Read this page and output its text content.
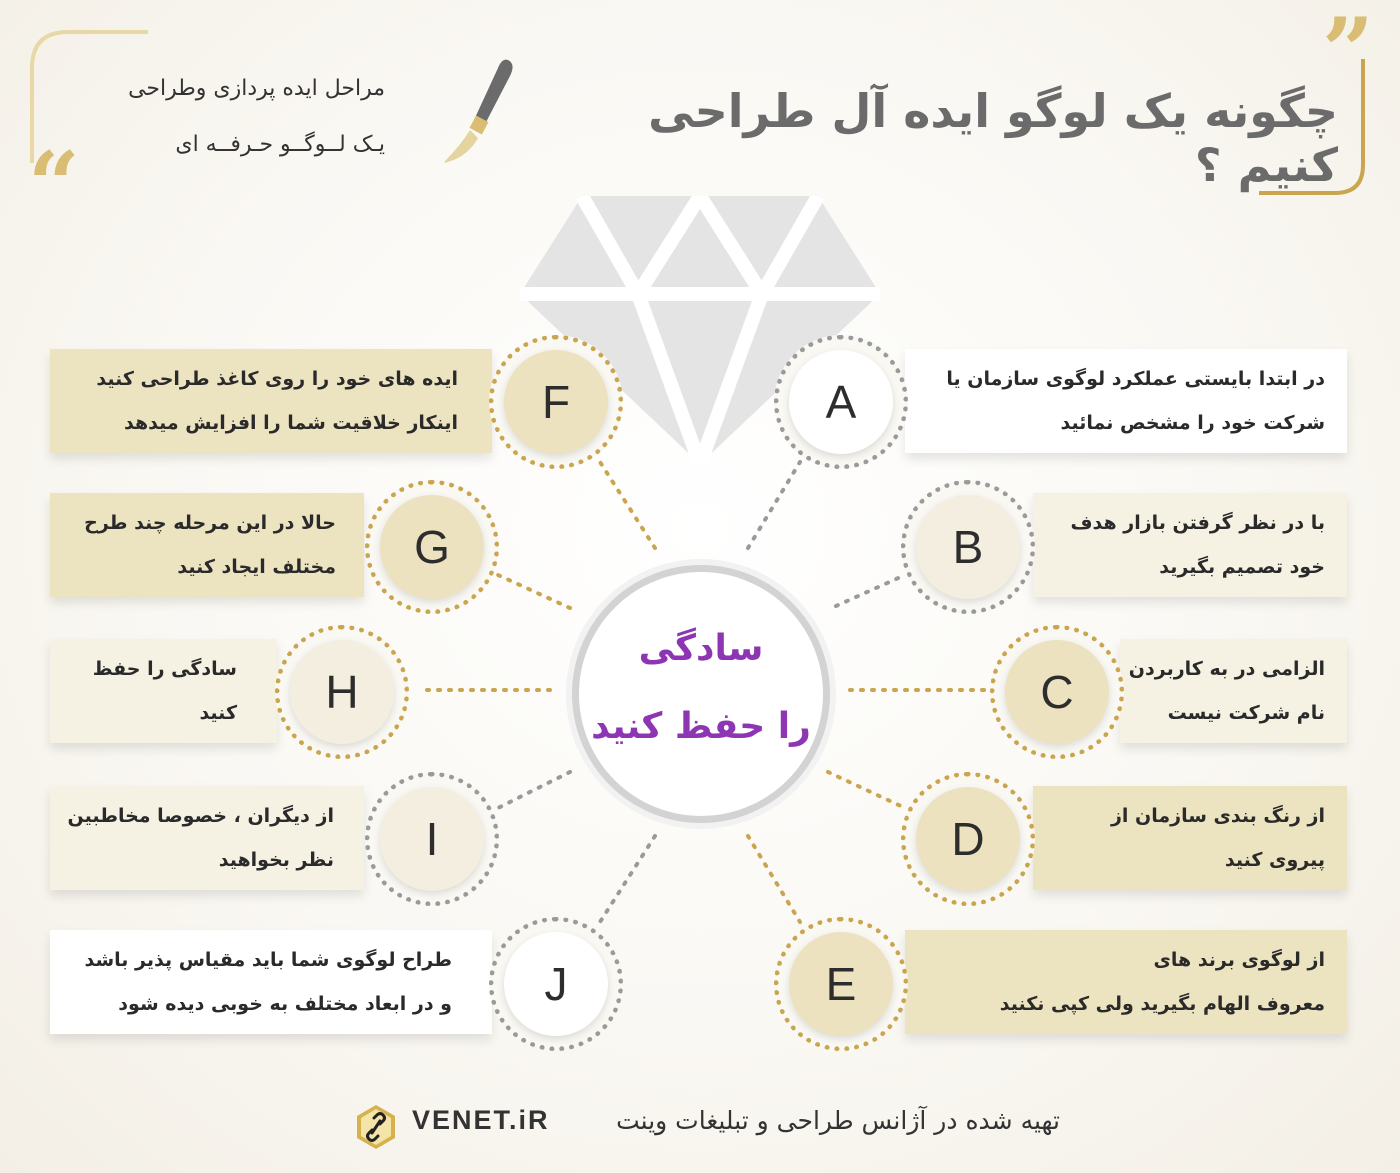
”
“
چگونه یک لوگو ایده آل طراحی کنیم ؟
مراحل ایده پردازی وطراحی
یـک لــوگــو حـرفــه ای
سادگی
را حفظ کنید
در ابتدا بایستی عملکرد لوگوی سازمان یا
شرکت خود را مشخص نمائید
A
با در نظر گرفتن بازار هدف
خود تصمیم بگیرید
B
الزامی در به کاربردن
نام شرکت نیست
C
از رنگ بندی سازمان از
پیروی کنید
D
از لوگوی برند های
معروف الهام بگیرید ولی کپی نکنید
E
ایده های خود را روی کاغذ طراحی کنید
اینکار خلاقیت شما را افزایش میدهد	F
حالا در این مرحله چند طرح
مختلف ایجاد کنید	G
سادگی را حفظ
کنید	H
از دیگران ، خصوصا مخاطبین
نظر بخواهید	I
طراح لوگوی شما باید مقیاس پذیر باشد
و در ابعاد مختلف به خوبی دیده شود	J
تهیه شده در آژانس طراحی و تبلیغات وینت
VENET.iR
